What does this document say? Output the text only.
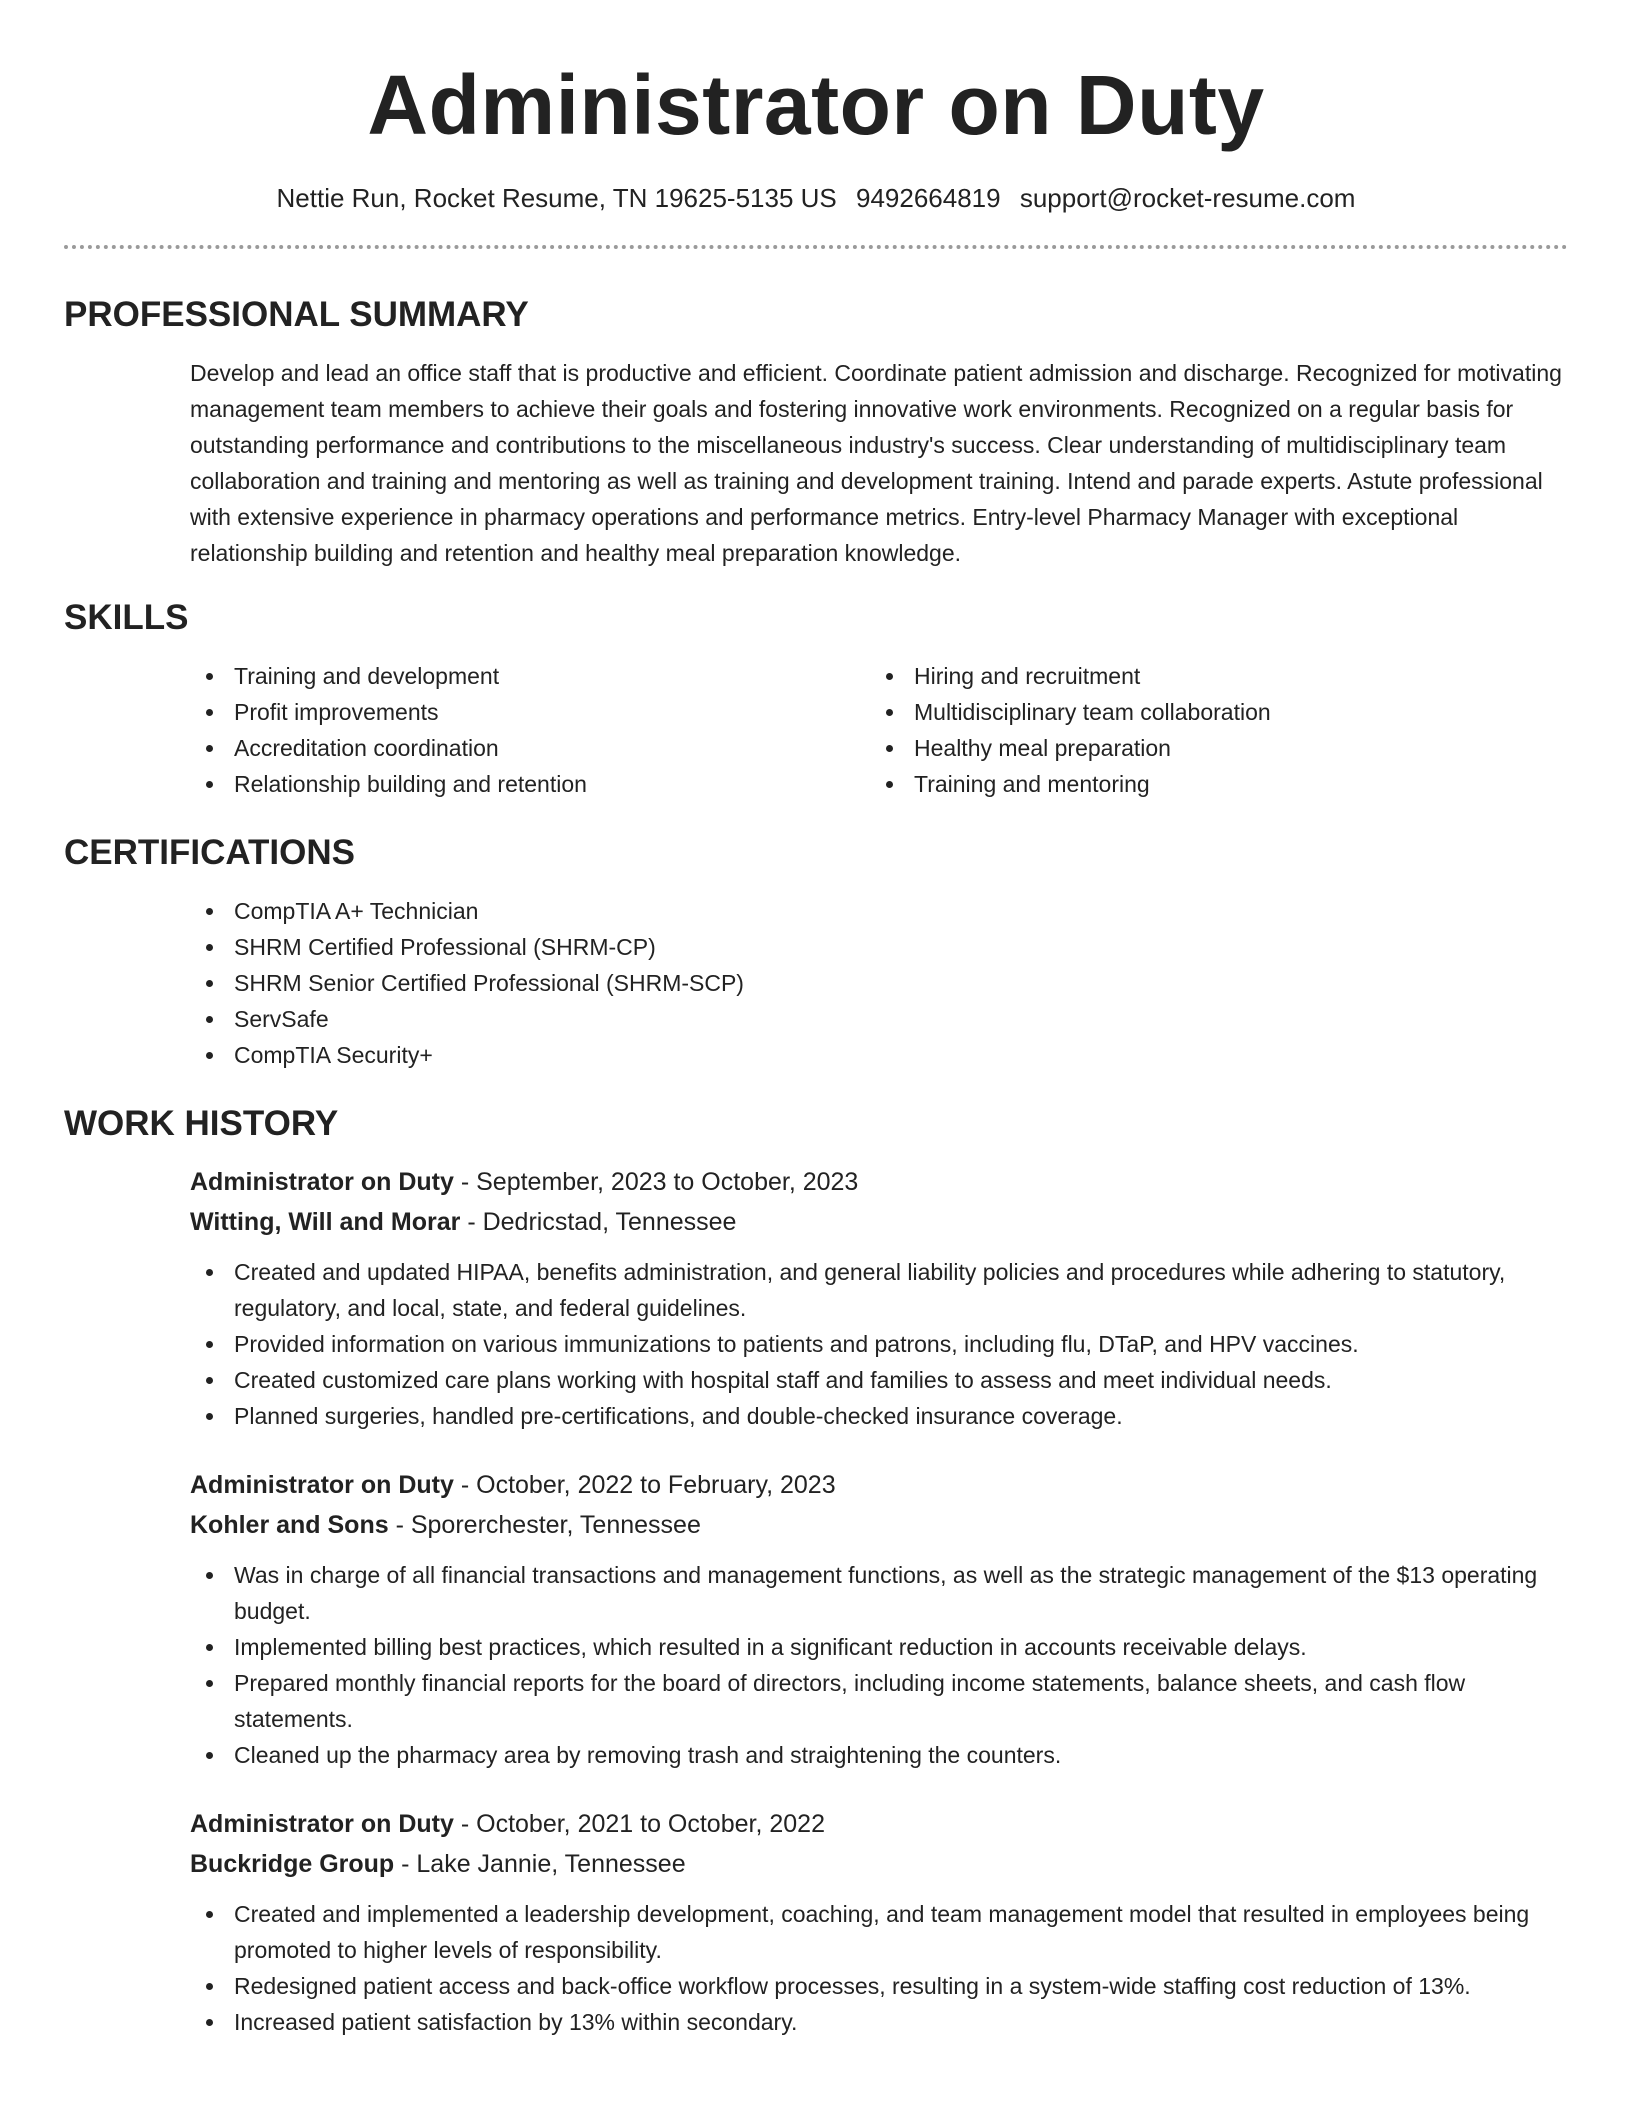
Administrator on Duty
Nettie Run, Rocket Resume, TN 19625-5135 US 9492664819 support@rocket-resume.com
PROFESSIONAL SUMMARY
Develop and lead an office staff that is productive and efficient. Coordinate patient admission and discharge. Recognized for motivating management team members to achieve their goals and fostering innovative work environments. Recognized on a regular basis for outstanding performance and contributions to the miscellaneous industry's success. Clear understanding of multidisciplinary team collaboration and training and mentoring as well as training and development training. Intend and parade experts. Astute professional with extensive experience in pharmacy operations and performance metrics. Entry-level Pharmacy Manager with exceptional relationship building and retention and healthy meal preparation knowledge.
SKILLS
Training and development
Profit improvements
Accreditation coordination
Relationship building and retention
Hiring and recruitment
Multidisciplinary team collaboration
Healthy meal preparation
Training and mentoring
CERTIFICATIONS
CompTIA A+ Technician
SHRM Certified Professional (SHRM-CP)
SHRM Senior Certified Professional (SHRM-SCP)
ServSafe
CompTIA Security+
WORK HISTORY
Administrator on Duty - September, 2023 to October, 2023
Witting, Will and Morar - Dedricstad, Tennessee
Created and updated HIPAA, benefits administration, and general liability policies and procedures while adhering to statutory, regulatory, and local, state, and federal guidelines.
Provided information on various immunizations to patients and patrons, including flu, DTaP, and HPV vaccines.
Created customized care plans working with hospital staff and families to assess and meet individual needs.
Planned surgeries, handled pre-certifications, and double-checked insurance coverage.
Administrator on Duty - October, 2022 to February, 2023
Kohler and Sons - Sporerchester, Tennessee
Was in charge of all financial transactions and management functions, as well as the strategic management of the $13 operating budget.
Implemented billing best practices, which resulted in a significant reduction in accounts receivable delays.
Prepared monthly financial reports for the board of directors, including income statements, balance sheets, and cash flow statements.
Cleaned up the pharmacy area by removing trash and straightening the counters.
Administrator on Duty - October, 2021 to October, 2022
Buckridge Group - Lake Jannie, Tennessee
Created and implemented a leadership development, coaching, and team management model that resulted in employees being promoted to higher levels of responsibility.
Redesigned patient access and back-office workflow processes, resulting in a system-wide staffing cost reduction of 13%.
Increased patient satisfaction by 13% within secondary.
